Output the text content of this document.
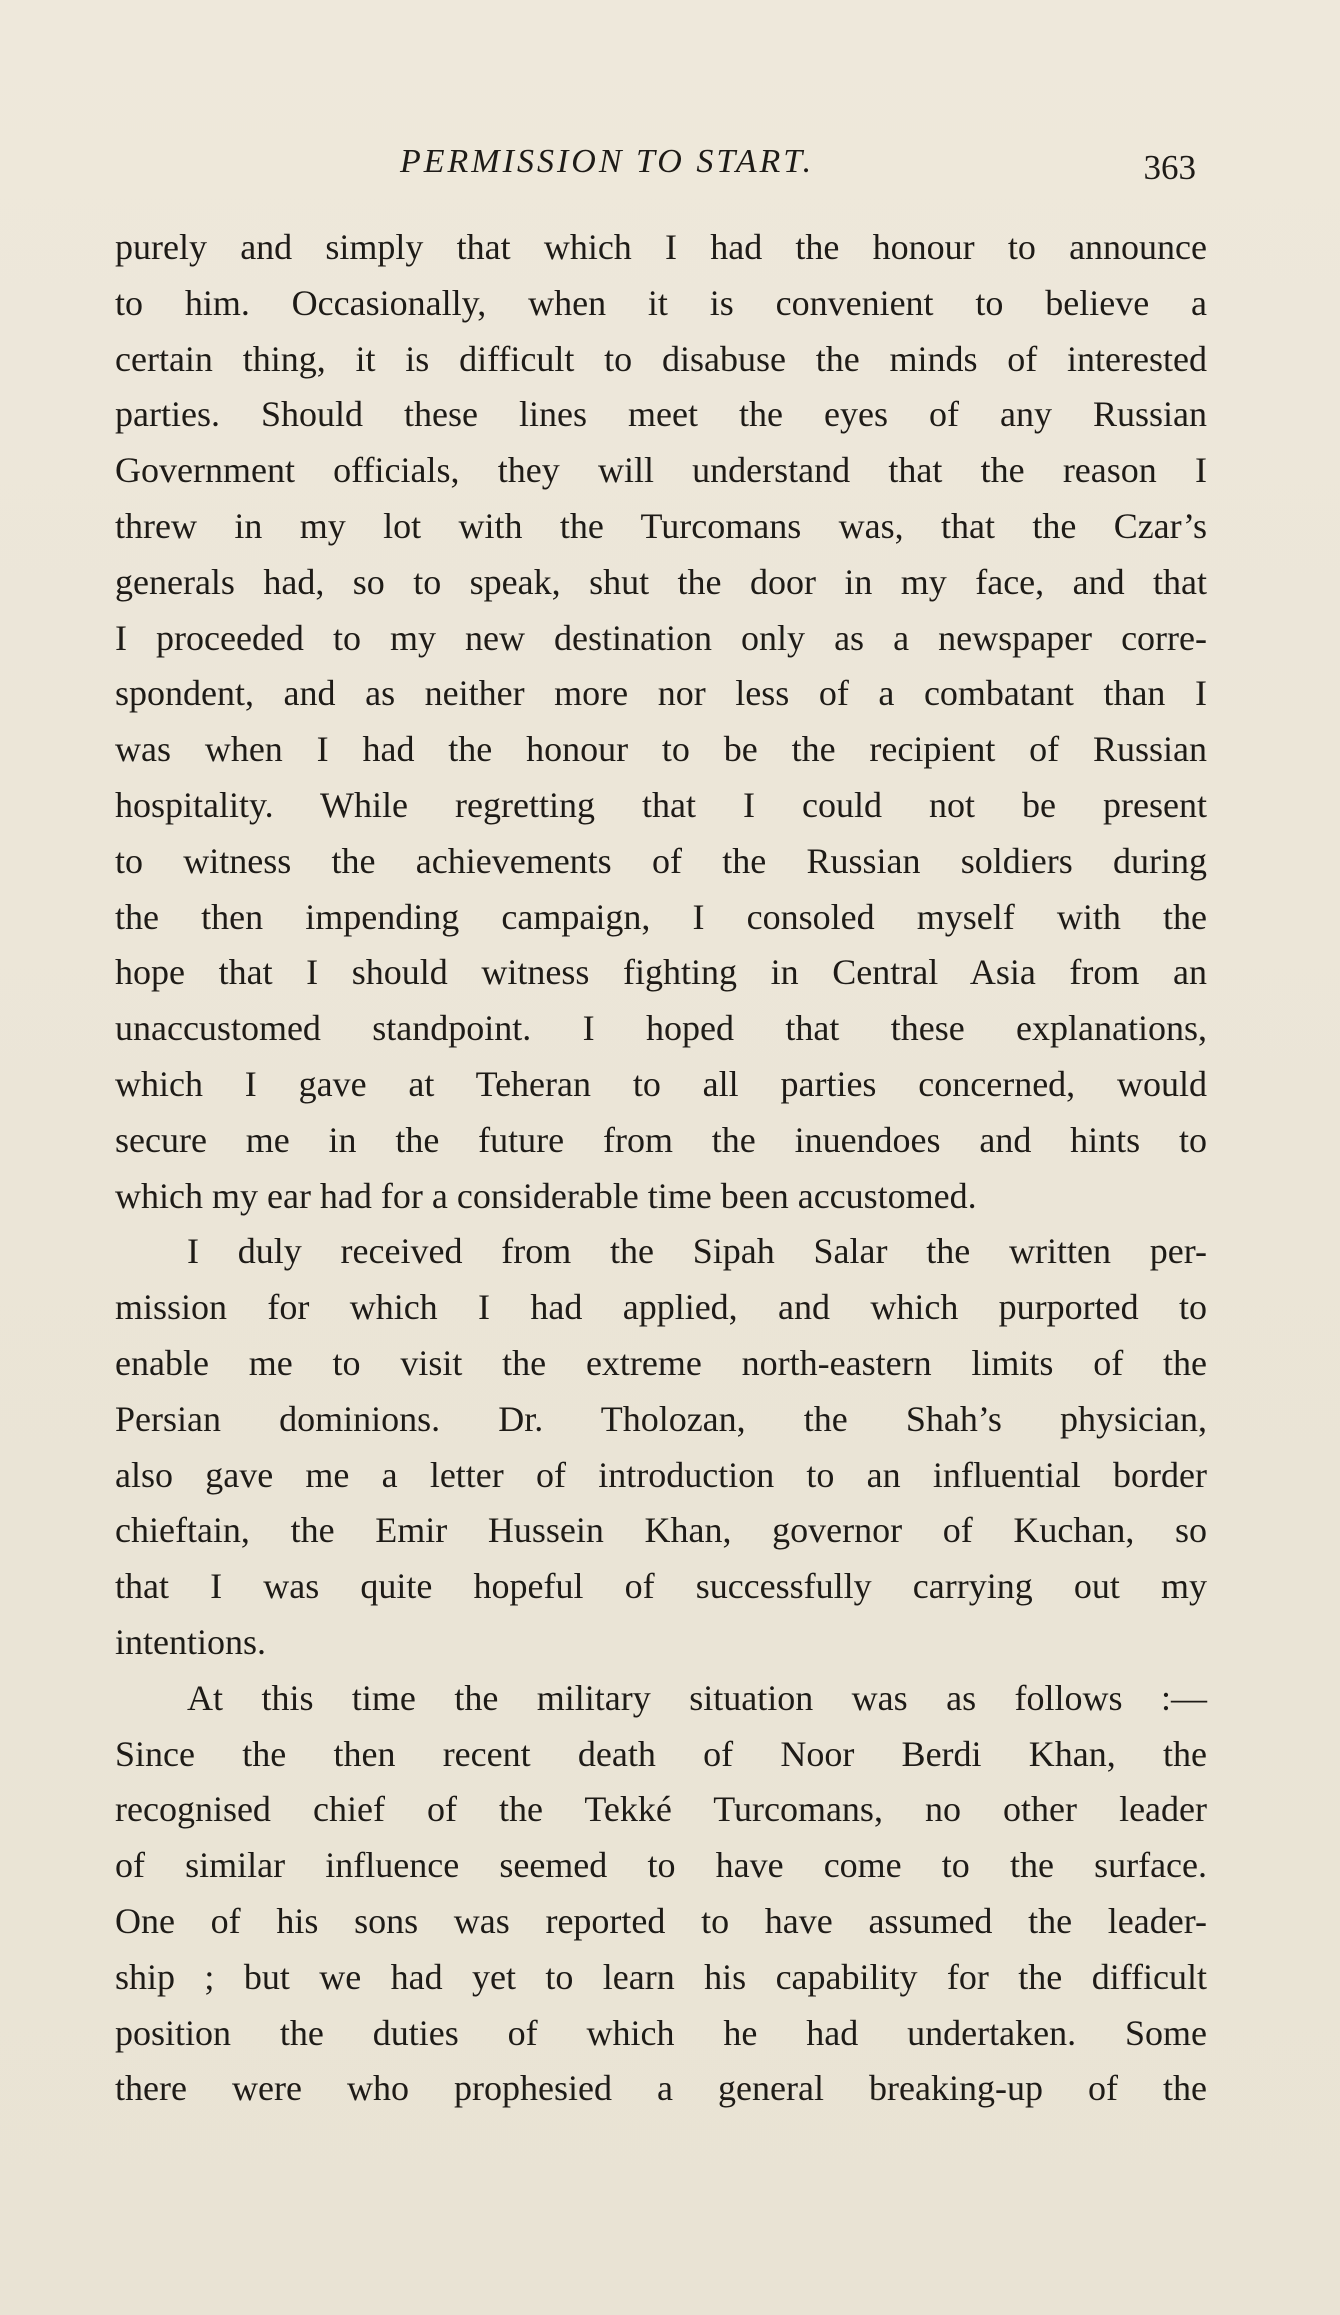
PERMISSION TO START.	363
purely and simply that which I had the honour to announce
to him. Occasionally, when it is convenient to believe a
certain thing, it is difficult to disabuse the minds of interested
parties. Should these lines meet the eyes of any Russian
Government officials, they will understand that the reason I
threw in my lot with the Turcomans was, that the Czar’s
generals had, so to speak, shut the door in my face, and that
I proceeded to my new destination only as a newspaper corre-
spondent, and as neither more nor less of a combatant than I
was when I had the honour to be the recipient of Russian
hospitality. While regretting that I could not be present
to witness the achievements of the Russian soldiers during
the then impending campaign, I consoled myself with the
hope that I should witness fighting in Central Asia from an
unaccustomed standpoint. I hoped that these explanations,
which I gave at Teheran to all parties concerned, would
secure me in the future from the inuendoes and hints to
which my ear had for a considerable time been accustomed.
I duly received from the Sipah Salar the written per-
mission for which I had applied, and which purported to
enable me to visit the extreme north-eastern limits of the
Persian dominions. Dr. Tholozan, the Shah’s physician,
also gave me a letter of introduction to an influential border
chieftain, the Emir Hussein Khan, governor of Kuchan, so
that I was quite hopeful of successfully carrying out my
intentions.
At this time the military situation was as follows :—
Since the then recent death of Noor Berdi Khan, the
recognised chief of the Tekké Turcomans, no other leader
of similar influence seemed to have come to the surface.
One of his sons was reported to have assumed the leader-
ship ; but we had yet to learn his capability for the difficult
position the duties of which he had undertaken. Some
there were who prophesied a general breaking-up of the
